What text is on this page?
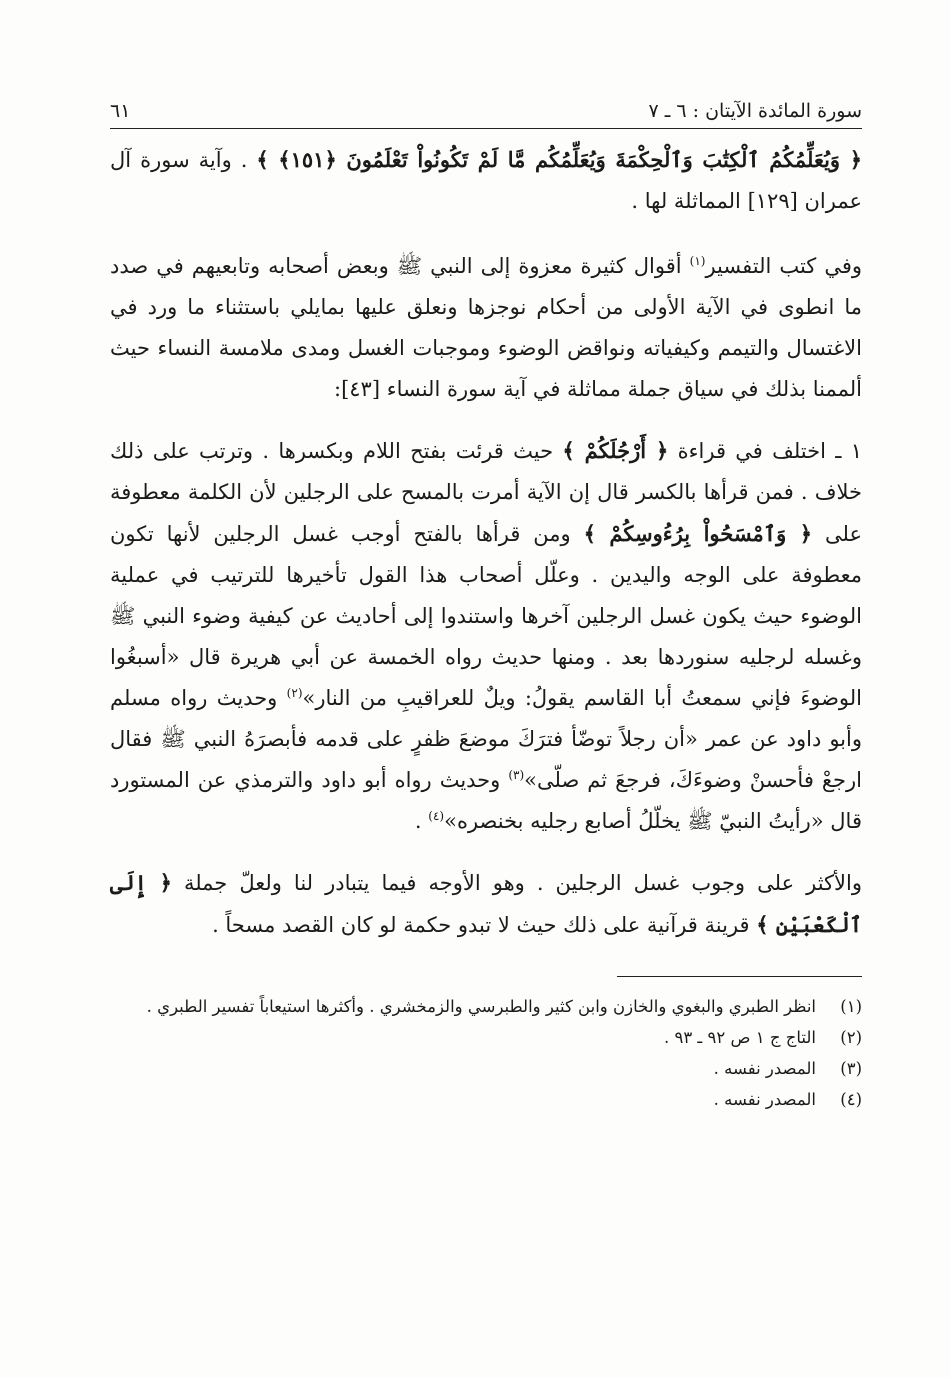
سورة المائدة الآيتان : ٦ ـ ٧
٦١

﴿ وَيُعَلِّمُكُمُ ٱلْكِتَٰبَ وَٱلْحِكْمَةَ وَيُعَلِّمُكُم مَّا لَمْ تَكُونُواْ تَعْلَمُونَ ﴿١٥١﴾ ﴾ . وآية سورة آل عمران [١٢٩] المماثلة لها .

وفي كتب التفسير$^{(١)}$ أقوال كثيرة معزوة إلى النبي ﷺ وبعض أصحابه وتابعيهم في صدد ما انطوى في الآية الأولى من أحكام نوجزها ونعلق عليها بمايلي باستثناء ما ورد في الاغتسال والتيمم وكيفياته ونواقض الوضوء وموجبات الغسل ومدى ملامسة النساء حيث ألممنا بذلك في سياق جملة مماثلة في آية سورة النساء [٤٣]:

١ ـ اختلف في قراءة ﴿ أَرْجُلَكُمْ ﴾ حيث قرئت بفتح اللام وبكسرها . وترتب على ذلك خلاف . فمن قرأها بالكسر قال إن الآية أمرت بالمسح على الرجلين لأن الكلمة معطوفة على ﴿ وَٱمْسَحُواْ بِرُءُوسِكُمْ ﴾ ومن قرأها بالفتح أوجب غسل الرجلين لأنها تكون معطوفة على الوجه واليدين . وعلّل أصحاب هذا القول تأخيرها للترتيب في عملية الوضوء حيث يكون غسل الرجلين آخرها واستندوا إلى أحاديث عن كيفية وضوء النبي ﷺ وغسله لرجليه سنوردها بعد . ومنها حديث رواه الخمسة عن أبي هريرة قال «أسبغُوا الوضوءَ فإني سمعتُ أبا القاسم يقولُ: ويلٌ للعراقيبِ من النار»$^{(٢)}$ وحديث رواه مسلم وأبو داود عن عمر «أن رجلاً توضّأ فترَكَ موضعَ ظفرٍ على قدمه فأبصرَهُ النبي ﷺ فقال ارجعْ فأحسنْ وضوءَكَ، فرجعَ ثم صلّى»$^{(٣)}$ وحديث رواه أبو داود والترمذي عن المستورد قال «رأيتُ النبيّ ﷺ يخلّلُ أصابع رجليه بخنصره»$^{(٤)}$ .

والأكثر على وجوب غسل الرجلين . وهو الأوجه فيما يتبادر لنا ولعلّ جملة ﴿ إِلَى ٱلْكَعْبَيْنِ ﴾ قرينة قرآنية على ذلك حيث لا تبدو حكمة لو كان القصد مسحاً .

(١)
انظر الطبري والبغوي والخازن وابن كثير والطبرسي والزمخشري . وأكثرها استيعاباً تفسير الطبري .
(٢)
التاج ج ١ ص ٩٢ ـ ٩٣ .
(٣)
المصدر نفسه .
(٤)
المصدر نفسه .
